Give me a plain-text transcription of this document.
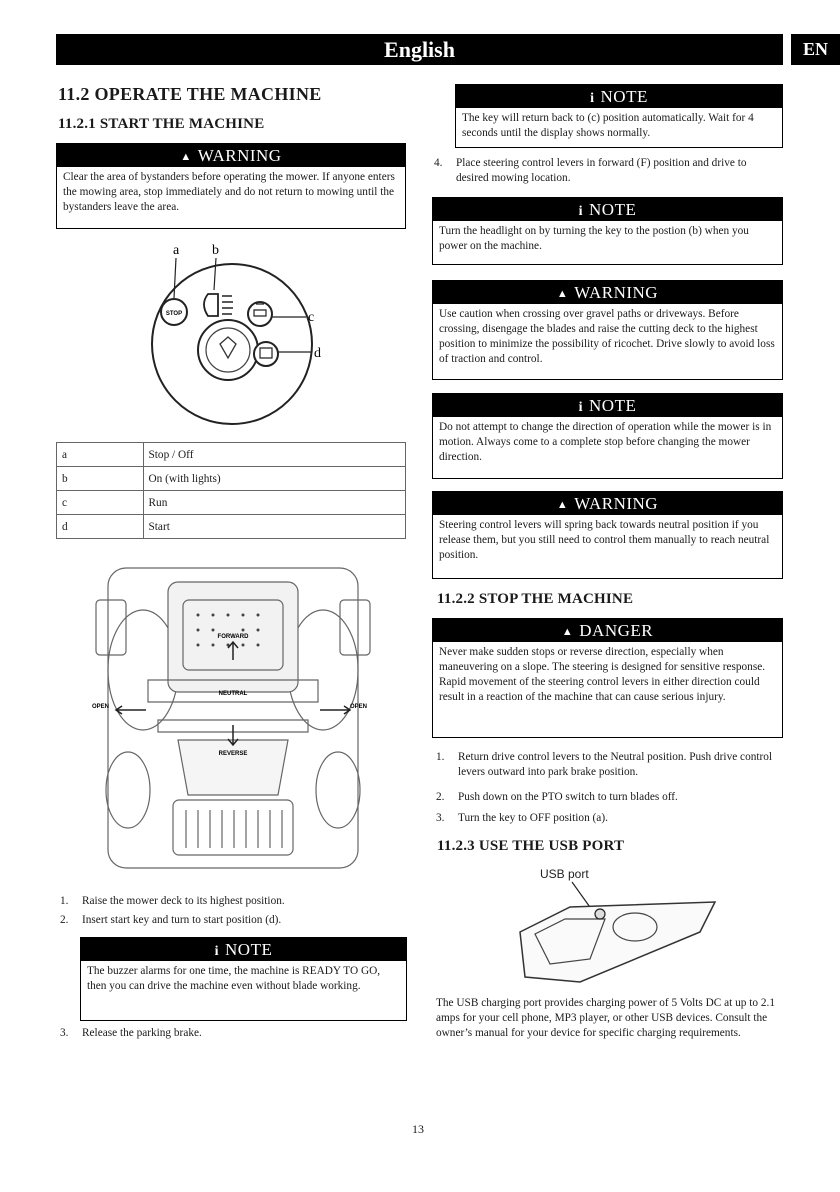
English	EN
11.2 OPERATE THE MACHINE
11.2.1 START THE MACHINE
▲ WARNING
Clear the area of bystanders before operating the mower. If anyone enters the mowing area, stop immediately and do not return to mowing until the bystanders leave the area.
STOP
a b
c
d
a	Stop / Off
b	On (with lights)
c	Run
d	Start
FORWARD
NEUTRAL
REVERSE
OPEN	OPEN
1. Raise the mower deck to its highest position.
2. Insert start key and turn to start position (d).
i NOTE
The buzzer alarms for one time, the machine is READY TO GO, then you can drive the machine even without blade working.
3. Release the parking brake.
i NOTE
The key will return back to (c) position automatically. Wait for 4 seconds until the display shows normally.
4. Place steering control levers in forward (F) position and drive to desired mowing location.
i NOTE
Turn the headlight on by turning the key to the postion (b) when you power on the machine.
▲ WARNING
Use caution when crossing over gravel paths or driveways. Before crossing, disengage the blades and raise the cutting deck to the highest position to minimize the possibility of ricochet. Drive slowly to avoid loss of traction and control.
i NOTE
Do not attempt to change the direction of operation while the mower is in motion. Always come to a complete stop before changing the mower direction.
▲ WARNING
Steering control levers will spring back towards neutral position if you release them, but you still need to control them manually to reach neutral position.
11.2.2 STOP THE MACHINE
▲ DANGER
Never make sudden stops or reverse direction, especially when maneuvering on a slope. The steering is designed for sensitive response. Rapid movement of the steering control levers in either direction could result in a reaction of the machine that can cause serious injury.
1. Return drive control levers to the Neutral position. Push drive control levers outward into park brake position.
2. Push down on the PTO switch to turn blades off.
3. Turn the key to OFF position (a).
11.2.3 USE THE USB PORT
USB port
The USB charging port provides charging power of 5 Volts DC at up to 2.1 amps for your cell phone, MP3 player, or other USB devices. Consult the owner’s manual for your device for specific charging requirements.
13
